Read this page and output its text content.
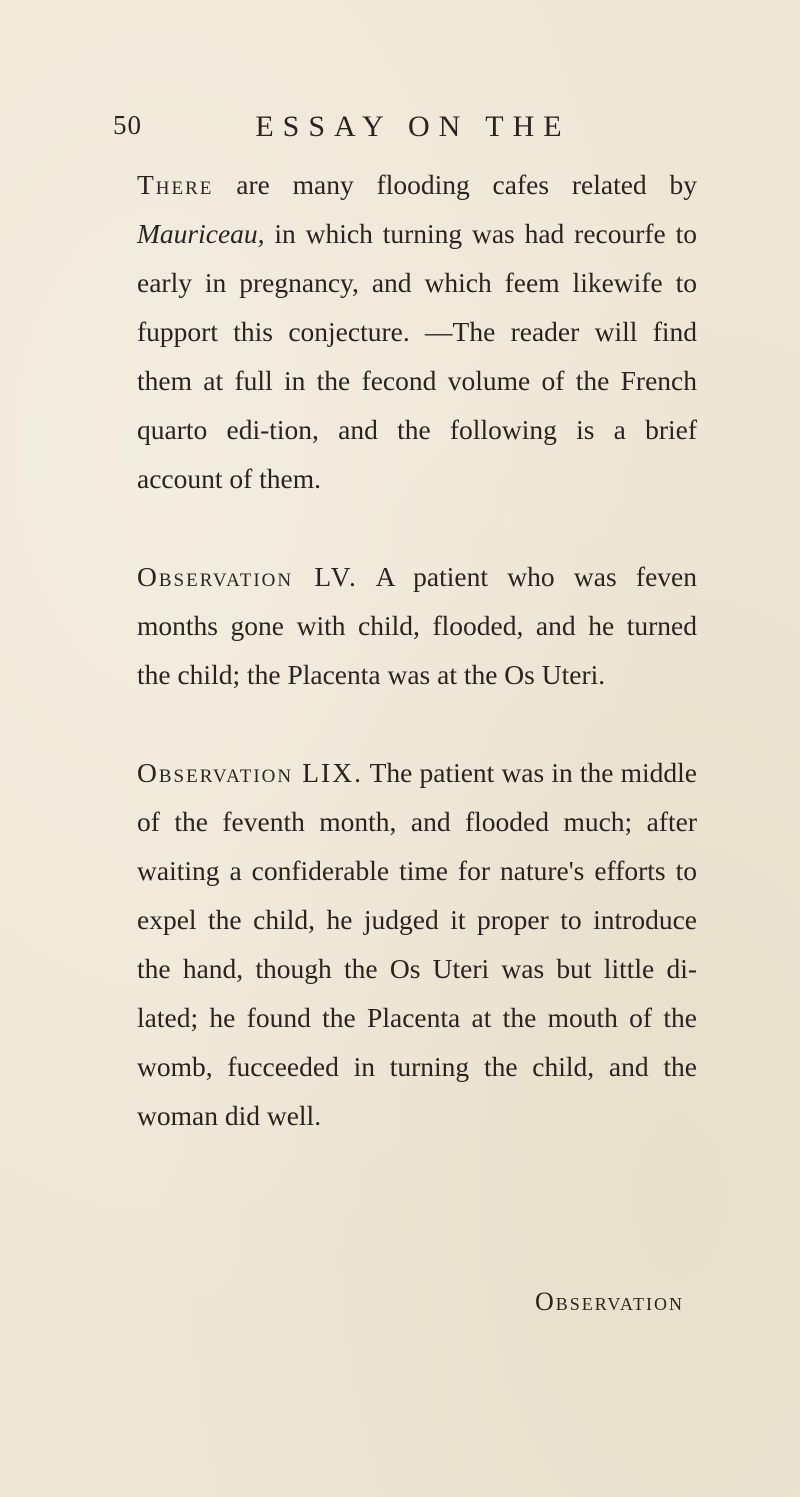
50	ESSAY ON THE

There are many flooding cafes related by Mauriceau, in which turning was had recourfe to early in pregnancy, and which feem likewife to fupport this conjecture. —The reader will find them at full in the fecond volume of the French quarto edi-tion, and the following is a brief account of them.

Observation LV. A patient who was feven months gone with child, flooded, and he turned the child; the Placenta was at the Os Uteri.

Observation LIX. The patient was in the middle of the feventh month, and flooded much; after waiting a confiderable time for nature's efforts to expel the child, he judged it proper to introduce the hand, though the Os Uteri was but little di-lated; he found the Placenta at the mouth of the womb, fucceeded in turning the child, and the woman did well.

Observation
